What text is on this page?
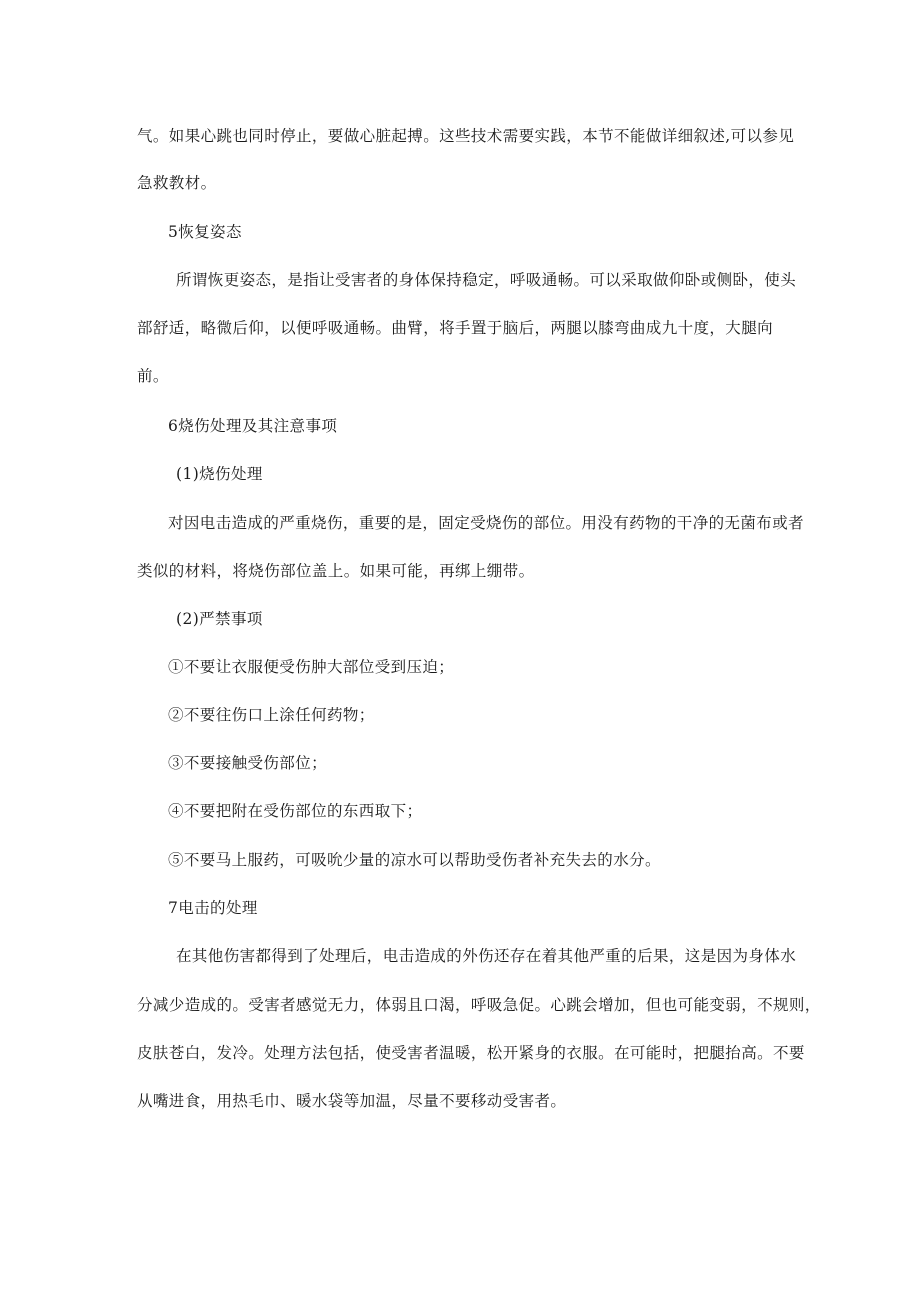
气。如果心跳也同时停止，要做心脏起搏。这些技术需要实践，本节不能做详细叙述,可以参见
急救教材。
5恢复姿态
所谓恢更姿态，是指让受害者的身体保持稳定，呼吸通畅。可以采取做仰卧或侧卧，使头
部舒适，略微后仰，以便呼吸通畅。曲臂，将手置于脑后，两腿以膝弯曲成九十度，大腿向
前。
6烧伤处理及其注意事项
(1)烧伤处理
对因电击造成的严重烧伤，重要的是，固定受烧伤的部位。用没有药物的干净的无菌布或者
类似的材料，将烧伤部位盖上。如果可能，再绑上绷带。
(2)严禁事项
①不要让衣服便受伤肿大部位受到压迫；
②不要往伤口上涂任何药物；
③不要接触受伤部位；
④不要把附在受伤部位的东西取下；
⑤不要马上服药，可吸吮少量的凉水可以帮助受伤者补充失去的水分。
7电击的处理
在其他伤害都得到了处理后，电击造成的外伤还存在着其他严重的后果，这是因为身体水
分减少造成的。受害者感觉无力，体弱且口渴，呼吸急促。心跳会增加，但也可能变弱，不规则，
皮肤苍白，发冷。处理方法包括，使受害者温暖，松开紧身的衣服。在可能时，把腿抬高。不要
从嘴进食，用热毛巾、暖水袋等加温，尽量不要移动受害者。
